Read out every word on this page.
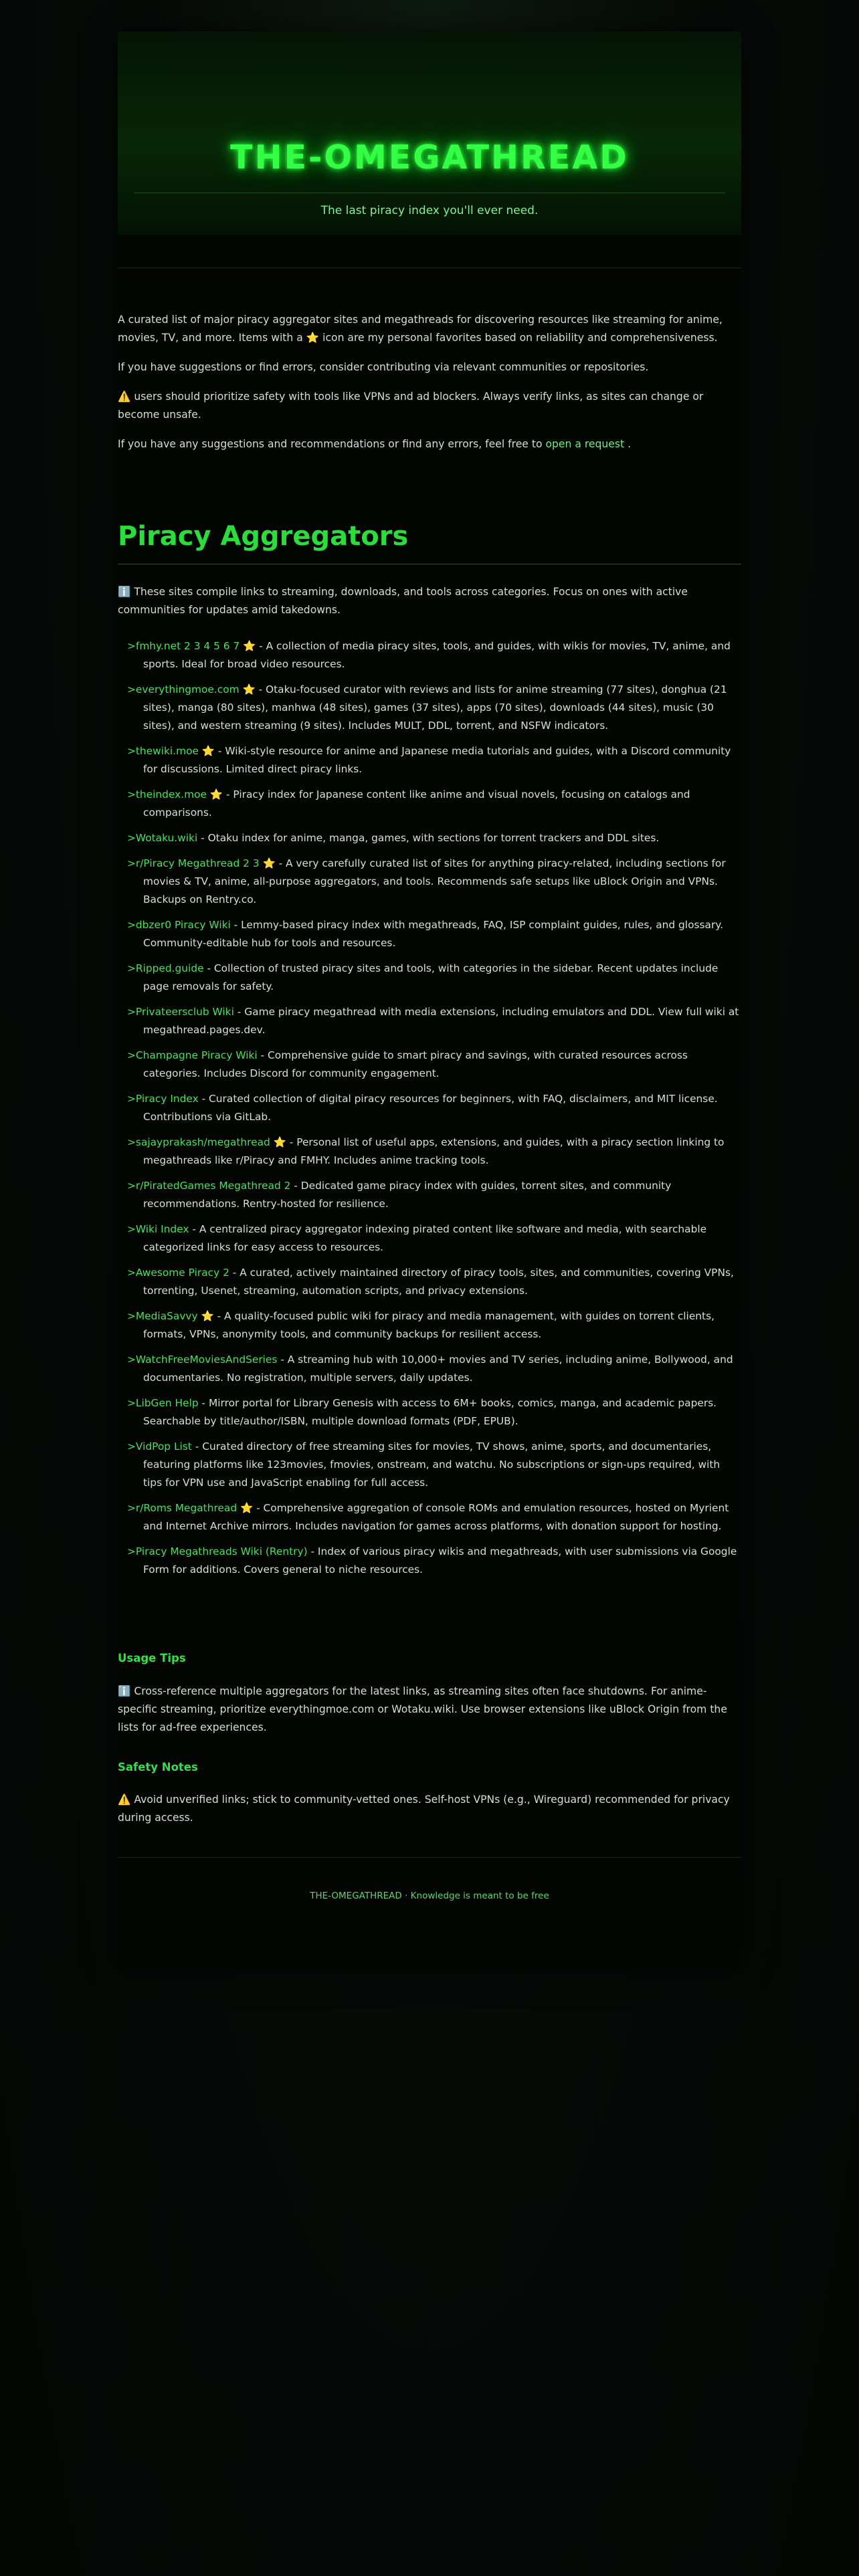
THE-OMEGATHREAD
The last piracy index you'll ever need.

A curated list of major piracy aggregator sites and megathreads for discovering resources like streaming for anime, movies, TV, and more. Items with a ⭐ icon are my personal favorites based on reliability and comprehensiveness.

If you have suggestions or find errors, consider contributing via relevant communities or repositories.

⚠️ users should prioritize safety with tools like VPNs and ad blockers. Always verify links, as sites can change or become unsafe.

If you have any suggestions and recommendations or find any errors, feel free to open a request .

Piracy Aggregators

ℹ️ These sites compile links to streaming, downloads, and tools across categories. Focus on ones with active communities for updates amid takedowns.

>fmhy.net 2 3 4 5 6 7 ⭐ - A collection of media piracy sites, tools, and guides, with wikis for movies, TV, anime, and sports. Ideal for broad video resources.
>everythingmoe.com ⭐ - Otaku-focused curator with reviews and lists for anime streaming (77 sites), donghua (21 sites), manga (80 sites), manhwa (48 sites), games (37 sites), apps (70 sites), downloads (44 sites), music (30 sites), and western streaming (9 sites). Includes MULT, DDL, torrent, and NSFW indicators.
>thewiki.moe ⭐ - Wiki-style resource for anime and Japanese media tutorials and guides, with a Discord community for discussions. Limited direct piracy links.
>theindex.moe ⭐ - Piracy index for Japanese content like anime and visual novels, focusing on catalogs and comparisons.
>Wotaku.wiki - Otaku index for anime, manga, games, with sections for torrent trackers and DDL sites.
>r/Piracy Megathread 2 3 ⭐ - A very carefully curated list of sites for anything piracy-related, including sections for movies & TV, anime, all-purpose aggregators, and tools. Recommends safe setups like uBlock Origin and VPNs. Backups on Rentry.co.
>dbzer0 Piracy Wiki - Lemmy-based piracy index with megathreads, FAQ, ISP complaint guides, rules, and glossary. Community-editable hub for tools and resources.
>Ripped.guide - Collection of trusted piracy sites and tools, with categories in the sidebar. Recent updates include page removals for safety.
>Privateersclub Wiki - Game piracy megathread with media extensions, including emulators and DDL. View full wiki at megathread.pages.dev.
>Champagne Piracy Wiki - Comprehensive guide to smart piracy and savings, with curated resources across categories. Includes Discord for community engagement.
>Piracy Index - Curated collection of digital piracy resources for beginners, with FAQ, disclaimers, and MIT license. Contributions via GitLab.
>sajayprakash/megathread ⭐ - Personal list of useful apps, extensions, and guides, with a piracy section linking to megathreads like r/Piracy and FMHY. Includes anime tracking tools.
>r/PiratedGames Megathread 2 - Dedicated game piracy index with guides, torrent sites, and community recommendations. Rentry-hosted for resilience.
>Wiki Index - A centralized piracy aggregator indexing pirated content like software and media, with searchable categorized links for easy access to resources.
>Awesome Piracy 2 - A curated, actively maintained directory of piracy tools, sites, and communities, covering VPNs, torrenting, Usenet, streaming, automation scripts, and privacy extensions.
>MediaSavvy ⭐ - A quality-focused public wiki for piracy and media management, with guides on torrent clients, formats, VPNs, anonymity tools, and community backups for resilient access.
>WatchFreeMoviesAndSeries - A streaming hub with 10,000+ movies and TV series, including anime, Bollywood, and documentaries. No registration, multiple servers, daily updates.
>LibGen Help - Mirror portal for Library Genesis with access to 6M+ books, comics, manga, and academic papers. Searchable by title/author/ISBN, multiple download formats (PDF, EPUB).
>VidPop List - Curated directory of free streaming sites for movies, TV shows, anime, sports, and documentaries, featuring platforms like 123movies, fmovies, onstream, and watchu. No subscriptions or sign-ups required, with tips for VPN use and JavaScript enabling for full access.
>r/Roms Megathread ⭐ - Comprehensive aggregation of console ROMs and emulation resources, hosted on Myrient and Internet Archive mirrors. Includes navigation for games across platforms, with donation support for hosting.
>Piracy Megathreads Wiki (Rentry) - Index of various piracy wikis and megathreads, with user submissions via Google Form for additions. Covers general to niche resources.
Usage Tips

ℹ️ Cross-reference multiple aggregators for the latest links, as streaming sites often face shutdowns. For anime-specific streaming, prioritize everythingmoe.com or Wotaku.wiki. Use browser extensions like uBlock Origin from the lists for ad-free experiences.

Safety Notes

⚠️ Avoid unverified links; stick to community-vetted ones. Self-host VPNs (e.g., Wireguard) recommended for privacy during access.

THE-OMEGATHREAD · Knowledge is meant to be free
